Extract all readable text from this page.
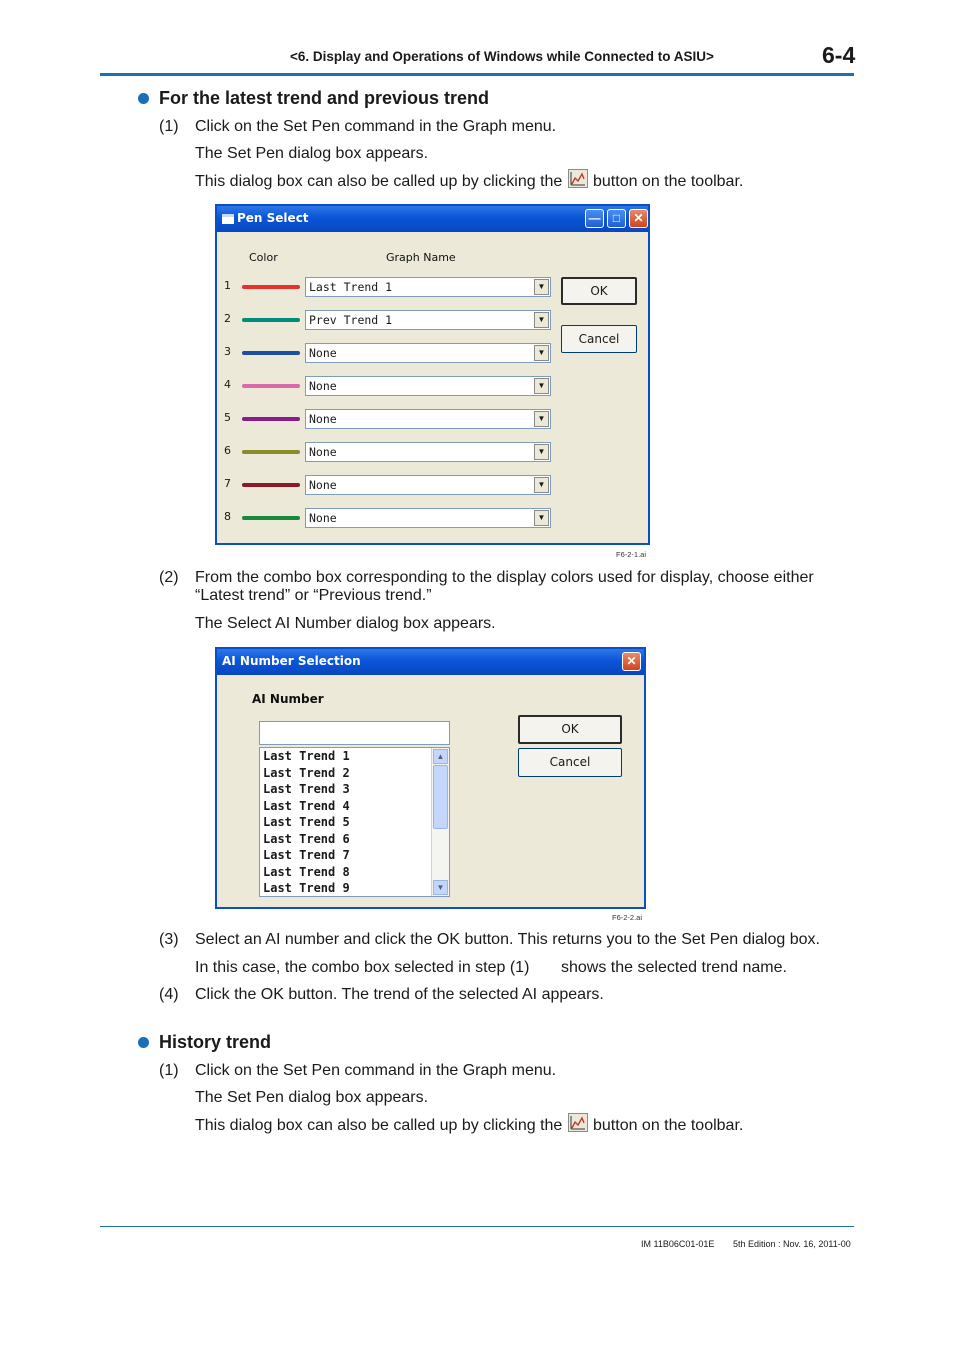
<6. Display and Operations of Windows while Connected to ASIU>	6-4
For the latest trend and previous trend
(1) Click on the Set Pen command in the Graph menu.
The Set Pen dialog box appears.
This dialog box can also be called up by clicking the button on the toolbar.
Pen Select	—	□	✕
Color	Graph Name
1	Last Trend 1	▼
2	Prev Trend 1	▼
3	None	▼
4	None	▼
5	None	▼
6	None	▼
7	None	▼
8	None	▼
OK
Cancel
F6-2-1.ai
(2) From the combo box corresponding to the display colors used for display, choose either
“Latest trend” or “Previous trend.”
The Select AI Number dialog box appears.
AI Number Selection	✕
AI Number
Last Trend 1
Last Trend 2
Last Trend 3
Last Trend 4
Last Trend 5
Last Trend 6
Last Trend 7
Last Trend 8
Last Trend 9
▲
▼
OK
Cancel
F6-2-2.ai
(3) Select an AI number and click the OK button. This returns you to the Set Pen dialog box.
In this case, the combo box selected in step (1) shows the selected trend name.
(4) Click the OK button. The trend of the selected AI appears.
History trend
(1) Click on the Set Pen command in the Graph menu.
The Set Pen dialog box appears.
This dialog box can also be called up by clicking the button on the toolbar.
IM 11B06C01-01E 5th Edition : Nov. 16, 2011-00
